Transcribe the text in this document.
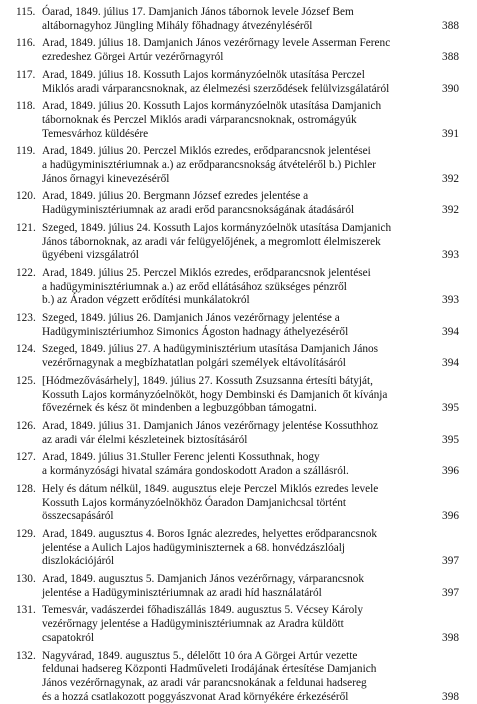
115. Óarad, 1849. július 17. Damjanich János tábornok levele József Bem
altábornagyhoz Jüngling Mihály főhadnagy átvezényléséről	388
116. Arad, 1849. július 18. Damjanich János vezérőrnagy levele Asserman Ferenc
ezredeshez Görgei Artúr vezérőrnagyról	388
117. Arad, 1849. július 18. Kossuth Lajos kormányzóelnök utasítása Perczel
Miklós aradi várparancsnoknak, az élelmezési szerződések felülvizsgálatáról	390
118. Arad, 1849. július 20. Kossuth Lajos kormányzóelnök utasítása Damjanich
tábornoknak és Perczel Miklós aradi várparancsnoknak, ostromágyúk
Temesvárhoz küldésére	391
119. Arad, 1849. július 20. Perczel Miklós ezredes, erődparancsnok jelentései
a hadügyminisztériumnak a.) az erődparancsnokság átvételéről b.) Pichler
János őrnagyi kinevezéséről	392
120. Arad, 1849. július 20. Bergmann József ezredes jelentése a
Hadügyminisztériumnak az aradi erőd parancsnokságának átadásáról	392
121. Szeged, 1849. július 24. Kossuth Lajos kormányzóelnök utasítása Damjanich
János tábornoknak, az aradi vár felügyelőjének, a megromlott élelmiszerek
ügyébeni vizsgálatról	393
122. Arad, 1849. július 25. Perczel Miklós ezredes, erődparancsnok jelentései
a hadügyminisztériumnak a.) az erőd ellátásához szükséges pénzről
b.) az Áradon végzett erődítési munkálatokról	393
123. Szeged, 1849. július 26. Damjanich János vezérőrnagy jelentése a
Hadügyminisztériumhoz Simonics Ágoston hadnagy áthelyezéséről	394
124. Szeged, 1849. július 27. A hadügyminisztérium utasítása Damjanich János
vezérőrnagynak a megbízhatatlan polgári személyek eltávolításáról	394
125. [Hódmezővásárhely], 1849. július 27. Kossuth Zsuzsanna értesíti bátyját,
Kossuth Lajos kormányzóelnököt, hogy Dembinski és Damjanich őt kívánja
fővezérnek és kész öt mindenben a legbuzgóbban támogatni.	395
126. Arad, 1849. július 31. Damjanich János vezérőrnagy jelentése Kossuthhoz
az aradi vár élelmi készleteinek biztosításáról	395
127. Arad, 1849. július 31.Stuller Ferenc jelenti Kossuthnak, hogy
a kormányzósági hivatal számára gondoskodott Aradon a szállásról.	396
128. Hely és dátum nélkül, 1849. augusztus eleje Perczel Miklós ezredes levele
Kossuth Lajos kormányzóelnökhöz Óaradon Damjanichcsal történt
összecsapásáról	396
129. Arad, 1849. augusztus 4. Boros Ignác alezredes, helyettes erődparancsnok
jelentése a Aulich Lajos hadügyminiszternek a 68. honvédzászlóalj
diszlokációjáról	397
130. Arad, 1849. augusztus 5. Damjanich János vezérőrnagy, várparancsnok
jelentése a Hadügyminisztériumnak az aradi híd használatáról	397
131. Temesvár, vadászerdei főhadiszállás 1849. augusztus 5. Vécsey Károly
vezérőrnagy jelentése a Hadügyminisztériumnak az Aradra küldött
csapatokról	398
132. Nagyvárad, 1849. augusztus 5., délelőtt 10 óra A Görgei Artúr vezette
feldunai hadsereg Központi Hadműveleti Irodájának értesítése Damjanich
János vezérőrnagynak, az aradi vár parancsnokának a feldunai hadsereg
és a hozzá csatlakozott poggyászvonat Arad környékére érkezéséről	398
